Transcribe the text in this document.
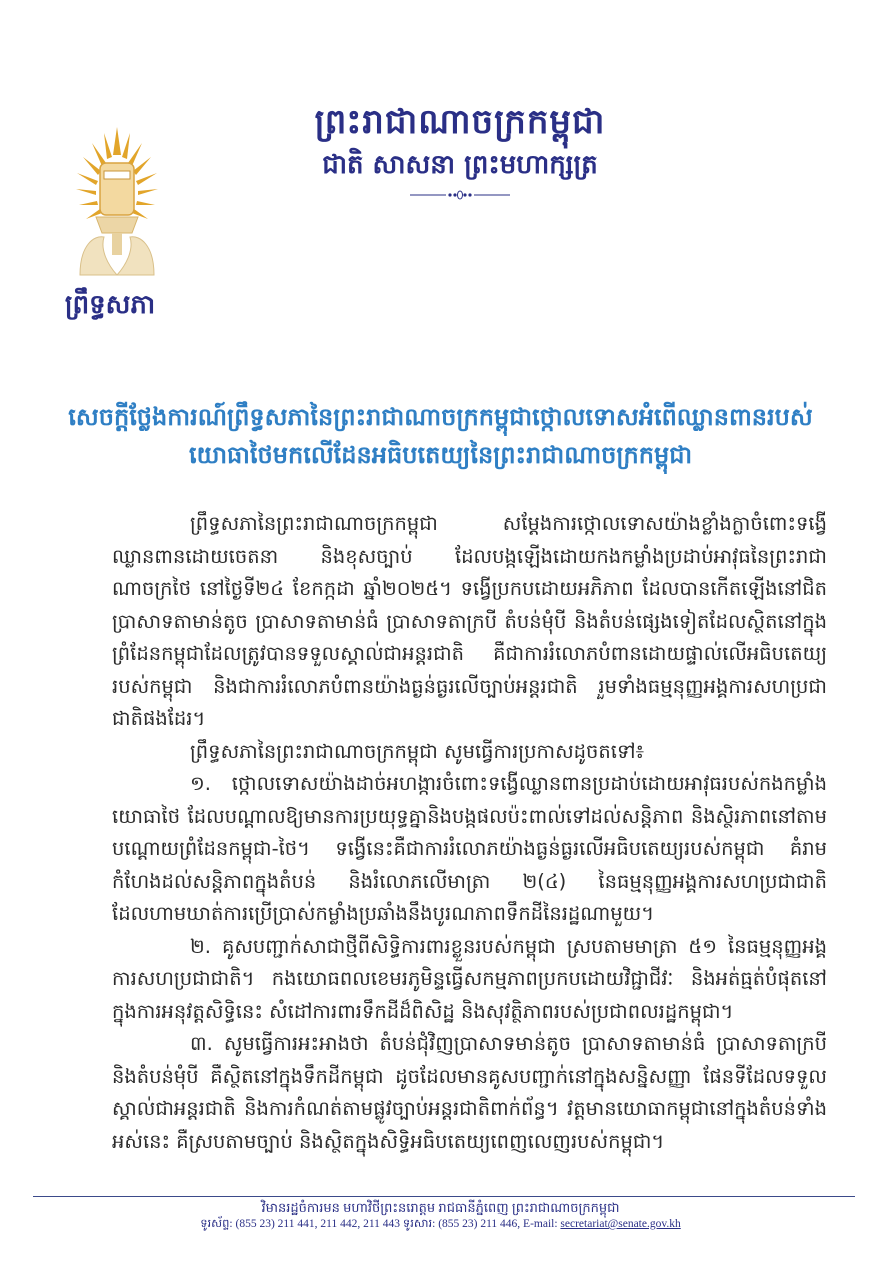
ព្រឹទ្ធសភា
ព្រះរាជាណាចក្រកម្ពុជា
ជាតិ សាសនា ព្រះមហាក្សត្រ
សេចក្ដីថ្លែងការណ៍ព្រឹទ្ធសភានៃព្រះរាជាណាចក្រកម្ពុជាថ្កោលទោសអំពើឈ្លានពានរបស់
យោធាថៃមកលើដែនអធិបតេយ្យនៃព្រះរាជាណាចក្រកម្ពុជា

ព្រឹទ្ធសភានៃព្រះរាជាណាចក្រកម្ពុជា សម្ដែងការថ្កោលទោសយ៉ាងខ្លាំងក្លាចំពោះទង្វើឈ្លានពានដោយចេតនា និងខុសច្បាប់ ដែលបង្កឡើងដោយកងកម្លាំងប្រដាប់អាវុធនៃព្រះរាជាណាចក្រថៃ នៅថ្ងៃទី២៤ ខែកក្កដា ឆ្នាំ២០២៥។ ទង្វើប្រកបដោយអភិភាព ដែលបានកើតឡើងនៅជិតប្រាសាទតាមាន់តូច ប្រាសាទតាមាន់ធំ ប្រាសាទតាក្របី តំបន់មុំបី និងតំបន់ផ្សេងទៀតដែលស្ថិតនៅក្នុងព្រំដែនកម្ពុជាដែលត្រូវបានទទួលស្គាល់ជាអន្តរជាតិ គឺជាការរំលោភបំពានដោយផ្ទាល់លើអធិបតេយ្យរបស់កម្ពុជា និងជាការរំលោភបំពានយ៉ាងធ្ងន់ធ្ងរលើច្បាប់អន្តរជាតិ រួមទាំងធម្មនុញ្ញអង្គការសហប្រជាជាតិផងដែរ។

ព្រឹទ្ធសភានៃព្រះរាជាណាចក្រកម្ពុជា សូមធ្វើការប្រកាសដូចតទៅ៖

១. ថ្កោលទោសយ៉ាងដាច់អហង្ការចំពោះទង្វើឈ្លានពានប្រដាប់ដោយអាវុធរបស់កងកម្លាំងយោធាថៃ ដែលបណ្ដាលឱ្យមានការប្រយុទ្ធគ្នានិងបង្កផលប៉ះពាល់ទៅដល់សន្តិភាព និងស្ថិរភាពនៅតាមបណ្ដោយព្រំដែនកម្ពុជា-ថៃ។ ទង្វើនេះគឺជាការរំលោភយ៉ាងធ្ងន់ធ្ងរលើអធិបតេយ្យរបស់កម្ពុជា គំរាមកំហែងដល់សន្តិភាពក្នុងតំបន់ និងរំលោភលើមាត្រា ២(៤) នៃធម្មនុញ្ញអង្គការសហប្រជាជាតិ ដែលហាមឃាត់ការប្រើប្រាស់កម្លាំងប្រឆាំងនឹងបូរណភាពទឹកដីនៃរដ្ឋណាមួយ។

២. គូសបញ្ជាក់សាជាថ្មីពីសិទ្ធិការពារខ្លួនរបស់កម្ពុជា ស្របតាមមាត្រា ៥១ នៃធម្មនុញ្ញអង្គការសហប្រជាជាតិ។ កងយោធពលខេមរភូមិន្ទធ្វើសកម្មភាពប្រកបដោយវិជ្ជាជីវៈ និងអត់ធ្មត់បំផុតនៅក្នុងការអនុវត្តសិទ្ធិនេះ សំដៅការពារទឹកដីដ៏ពិសិដ្ឋ និងសុវត្ថិភាពរបស់ប្រជាពលរដ្ឋកម្ពុជា។

៣. សូមធ្វើការអះអាងថា តំបន់ជុំវិញប្រាសាទមាន់តូច ប្រាសាទតាមាន់ធំ ប្រាសាទតាក្របី និងតំបន់មុំបី គឺស្ថិតនៅក្នុងទឹកដីកម្ពុជា ដូចដែលមានគូសបញ្ជាក់នៅក្នុងសន្និសញ្ញា ផែនទីដែលទទួលស្គាល់ជាអន្តរជាតិ និងការកំណត់តាមផ្លូវច្បាប់អន្តរជាតិពាក់ព័ន្ធ។ វត្តមានយោធាកម្ពុជានៅក្នុងតំបន់ទាំងអស់នេះ គឺស្របតាមច្បាប់ និងស្ថិតក្នុងសិទ្ធិអធិបតេយ្យពេញលេញរបស់កម្ពុជា។

វិមានរដ្ឋចំការមន មហាវិថីព្រះនរោត្តម រាជធានីភ្នំពេញ ព្រះរាជាណាចក្រកម្ពុជា
ទូរស័ព្ទ: (855 23) 211 441, 211 442, 211 443 ទូរសារ: (855 23) 211 446, E-mail: secretariat@senate.gov.kh
